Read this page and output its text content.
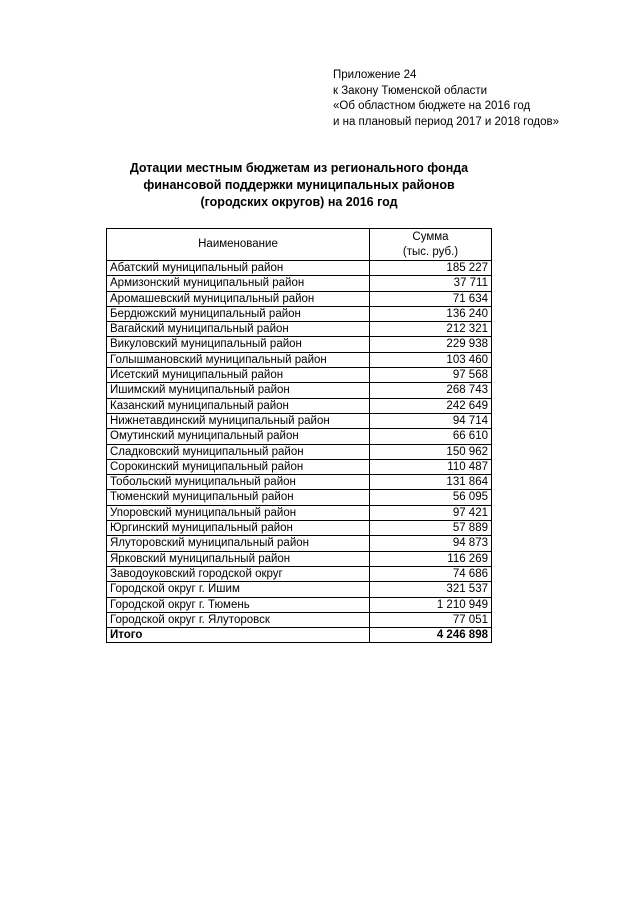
Приложение 24
к Закону Тюменской области
«Об областном бюджете на 2016 год
и на плановый период 2017 и 2018 годов»
Дотации местным бюджетам из регионального фонда
финансовой поддержки муниципальных районов
(городских округов) на 2016 год
Наименование	Сумма
(тыс. руб.)

Абатский муниципальный район	185 227
Армизонский муниципальный район	37 711
Аромашевский муниципальный район	71 634
Бердюжский муниципальный район	136 240
Вагайский муниципальный район	212 321
Викуловский муниципальный район	229 938
Голышмановский муниципальный район	103 460
Исетский муниципальный район	97 568
Ишимский муниципальный район	268 743
Казанский муниципальный район	242 649
Нижнетавдинский муниципальный район	94 714
Омутинский муниципальный район	66 610
Сладковский муниципальный район	150 962
Сорокинский муниципальный район	110 487
Тобольский муниципальный район	131 864
Тюменский муниципальный район	56 095
Упоровский муниципальный район	97 421
Юргинский муниципальный район	57 889
Ялуторовский муниципальный район	94 873
Ярковский муниципальный район	116 269
Заводоуковский городской округ	74 686
Городской округ г. Ишим	321 537
Городской округ г. Тюмень	1 210 949
Городской округ г. Ялуторовск	77 051
Итого	4 246 898
